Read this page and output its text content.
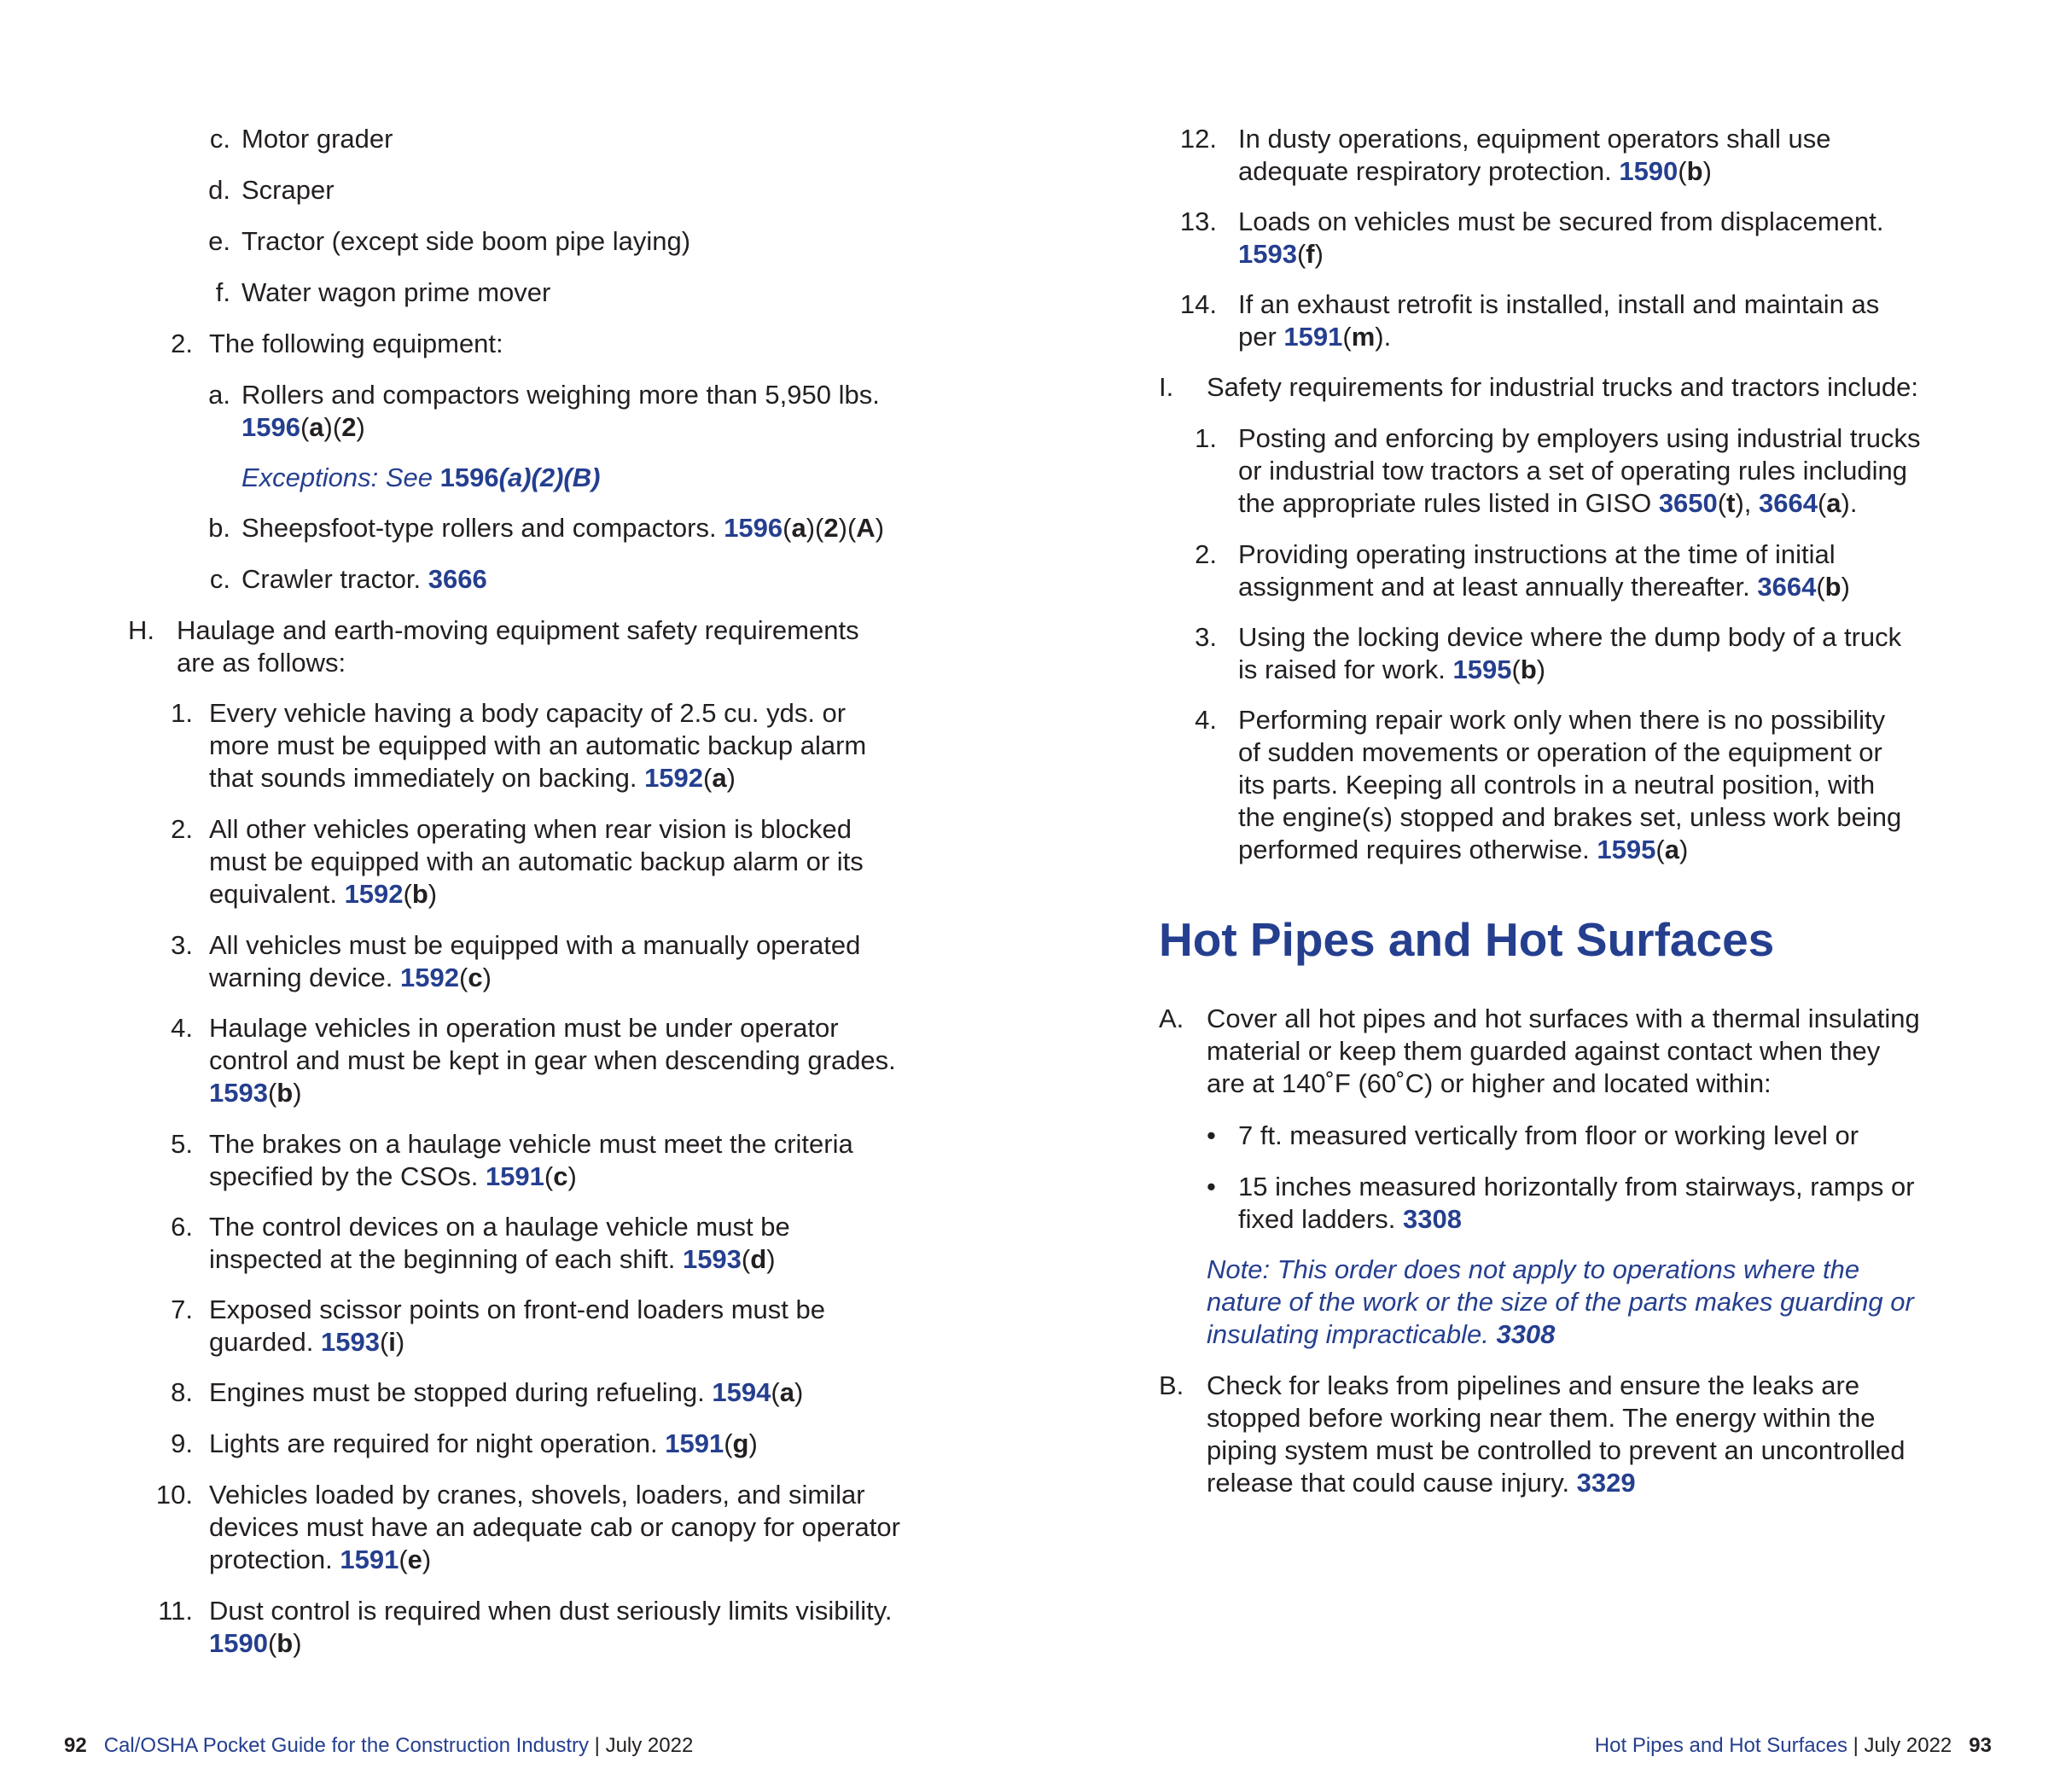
c. Motor grader
d. Scraper
e. Tractor (except side boom pipe laying)
f. Water wagon prime mover
2. The following equipment:
a. Rollers and compactors weighing more than 5,950 lbs.
1596(a)(2)
Exceptions: See 1596(a)(2)(B)
b. Sheepsfoot-type rollers and compactors. 1596(a)(2)(A)
c. Crawler tractor. 3666
H. Haulage and earth-moving equipment safety requirements
are as follows:
1. Every vehicle having a body capacity of 2.5 cu. yds. or
more must be equipped with an automatic backup alarm
that sounds immediately on backing. 1592(a)
2. All other vehicles operating when rear vision is blocked
must be equipped with an automatic backup alarm or its
equivalent. 1592(b)
3. All vehicles must be equipped with a manually operated
warning device. 1592(c)
4. Haulage vehicles in operation must be under operator
control and must be kept in gear when descending grades.
1593(b)
5. The brakes on a haulage vehicle must meet the criteria
specified by the CSOs. 1591(c)
6. The control devices on a haulage vehicle must be
inspected at the beginning of each shift. 1593(d)
7. Exposed scissor points on front-end loaders must be
guarded. 1593(i)
8. Engines must be stopped during refueling. 1594(a)
9. Lights are required for night operation. 1591(g)
10. Vehicles loaded by cranes, shovels, loaders, and similar
devices must have an adequate cab or canopy for operator
protection. 1591(e)
11. Dust control is required when dust seriously limits visibility.
1590(b)
92 Cal/OSHA Pocket Guide for the Construction Industry | July 2022
12. In dusty operations, equipment operators shall use
adequate respiratory protection. 1590(b)
13. Loads on vehicles must be secured from displacement.
1593(f)
14. If an exhaust retrofit is installed, install and maintain as
per 1591(m).
I.	Safety requirements for industrial trucks and tractors include:
1. Posting and enforcing by employers using industrial trucks
or industrial tow tractors a set of operating rules including
the appropriate rules listed in GISO 3650(t), 3664(a).
2. Providing operating instructions at the time of initial
assignment and at least annually thereafter. 3664(b)
3. Using the locking device where the dump body of a truck
is raised for work. 1595(b)
4. Performing repair work only when there is no possibility
of sudden movements or operation of the equipment or
its parts. Keeping all controls in a neutral position, with
the engine(s) stopped and brakes set, unless work being
performed requires otherwise. 1595(a)
Hot Pipes and Hot Surfaces
A. Cover all hot pipes and hot surfaces with a thermal insulating
material or keep them guarded against contact when they
are at 140˚F (60˚C) or higher and located within:
• 7 ft. measured vertically from floor or working level or
• 15 inches measured horizontally from stairways, ramps or
fixed ladders. 3308
Note: This order does not apply to operations where the
nature of the work or the size of the parts makes guarding or
insulating impracticable. 3308
B. Check for leaks from pipelines and ensure the leaks are
stopped before working near them. The energy within the
piping system must be controlled to prevent an uncontrolled
release that could cause injury. 3329
Hot Pipes and Hot Surfaces | July 2022 93
